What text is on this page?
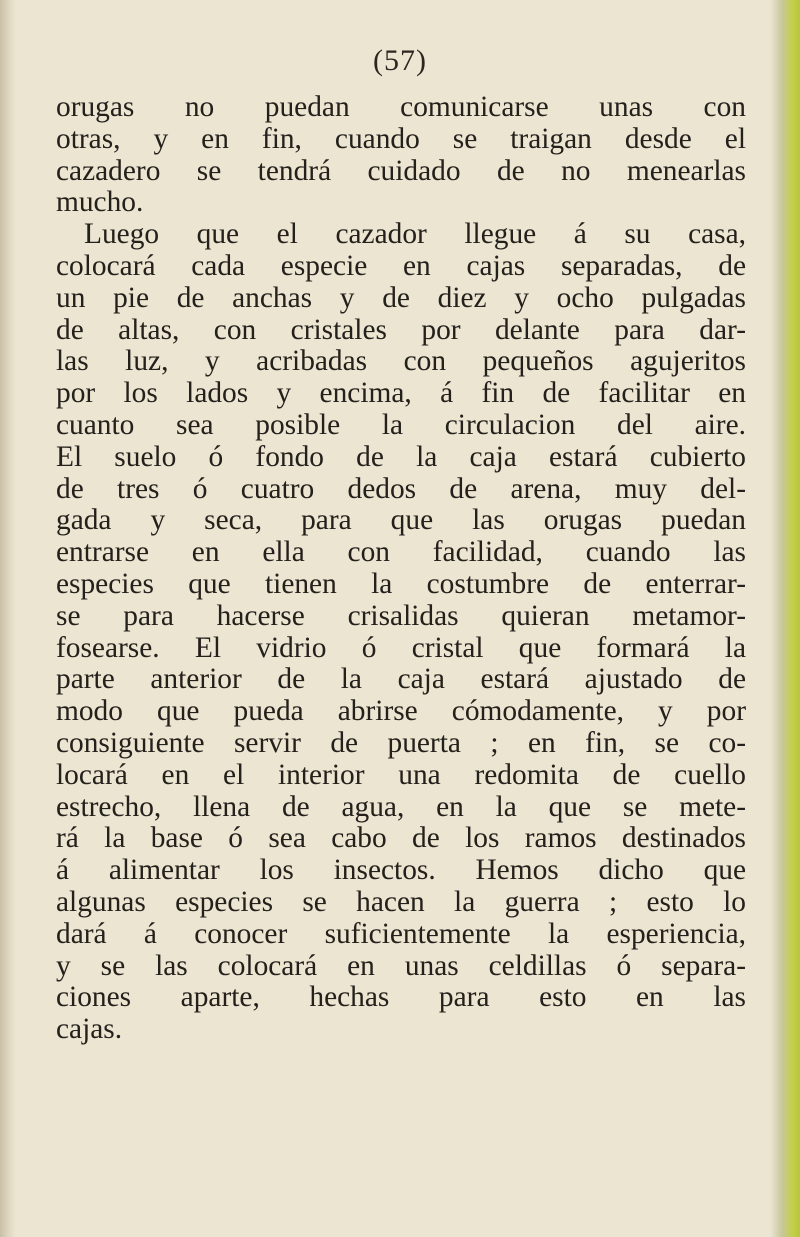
(57)
orugas no puedan comunicarse unas con
otras, y en fin, cuando se traigan desde el
cazadero se tendrá cuidado de no menearlas
mucho.
Luego que el cazador llegue á su casa,
colocará cada especie en cajas separadas, de
un pie de anchas y de diez y ocho pulgadas
de altas, con cristales por delante para dar-
las luz, y acribadas con pequeños agujeritos
por los lados y encima, á fin de facilitar en
cuanto sea posible la circulacion del aire.
El suelo ó fondo de la caja estará cubierto
de tres ó cuatro dedos de arena, muy del-
gada y seca, para que las orugas puedan
entrarse en ella con facilidad, cuando las
especies que tienen la costumbre de enterrar-
se para hacerse crisalidas quieran metamor-
fosearse. El vidrio ó cristal que formará la
parte anterior de la caja estará ajustado de
modo que pueda abrirse cómodamente, y por
consiguiente servir de puerta ; en fin, se co-
locará en el interior una redomita de cuello
estrecho, llena de agua, en la que se mete-
rá la base ó sea cabo de los ramos destinados
á alimentar los insectos. Hemos dicho que
algunas especies se hacen la guerra ; esto lo
dará á conocer suficientemente la esperiencia,
y se las colocará en unas celdillas ó separa-
ciones aparte, hechas para esto en las
cajas.
